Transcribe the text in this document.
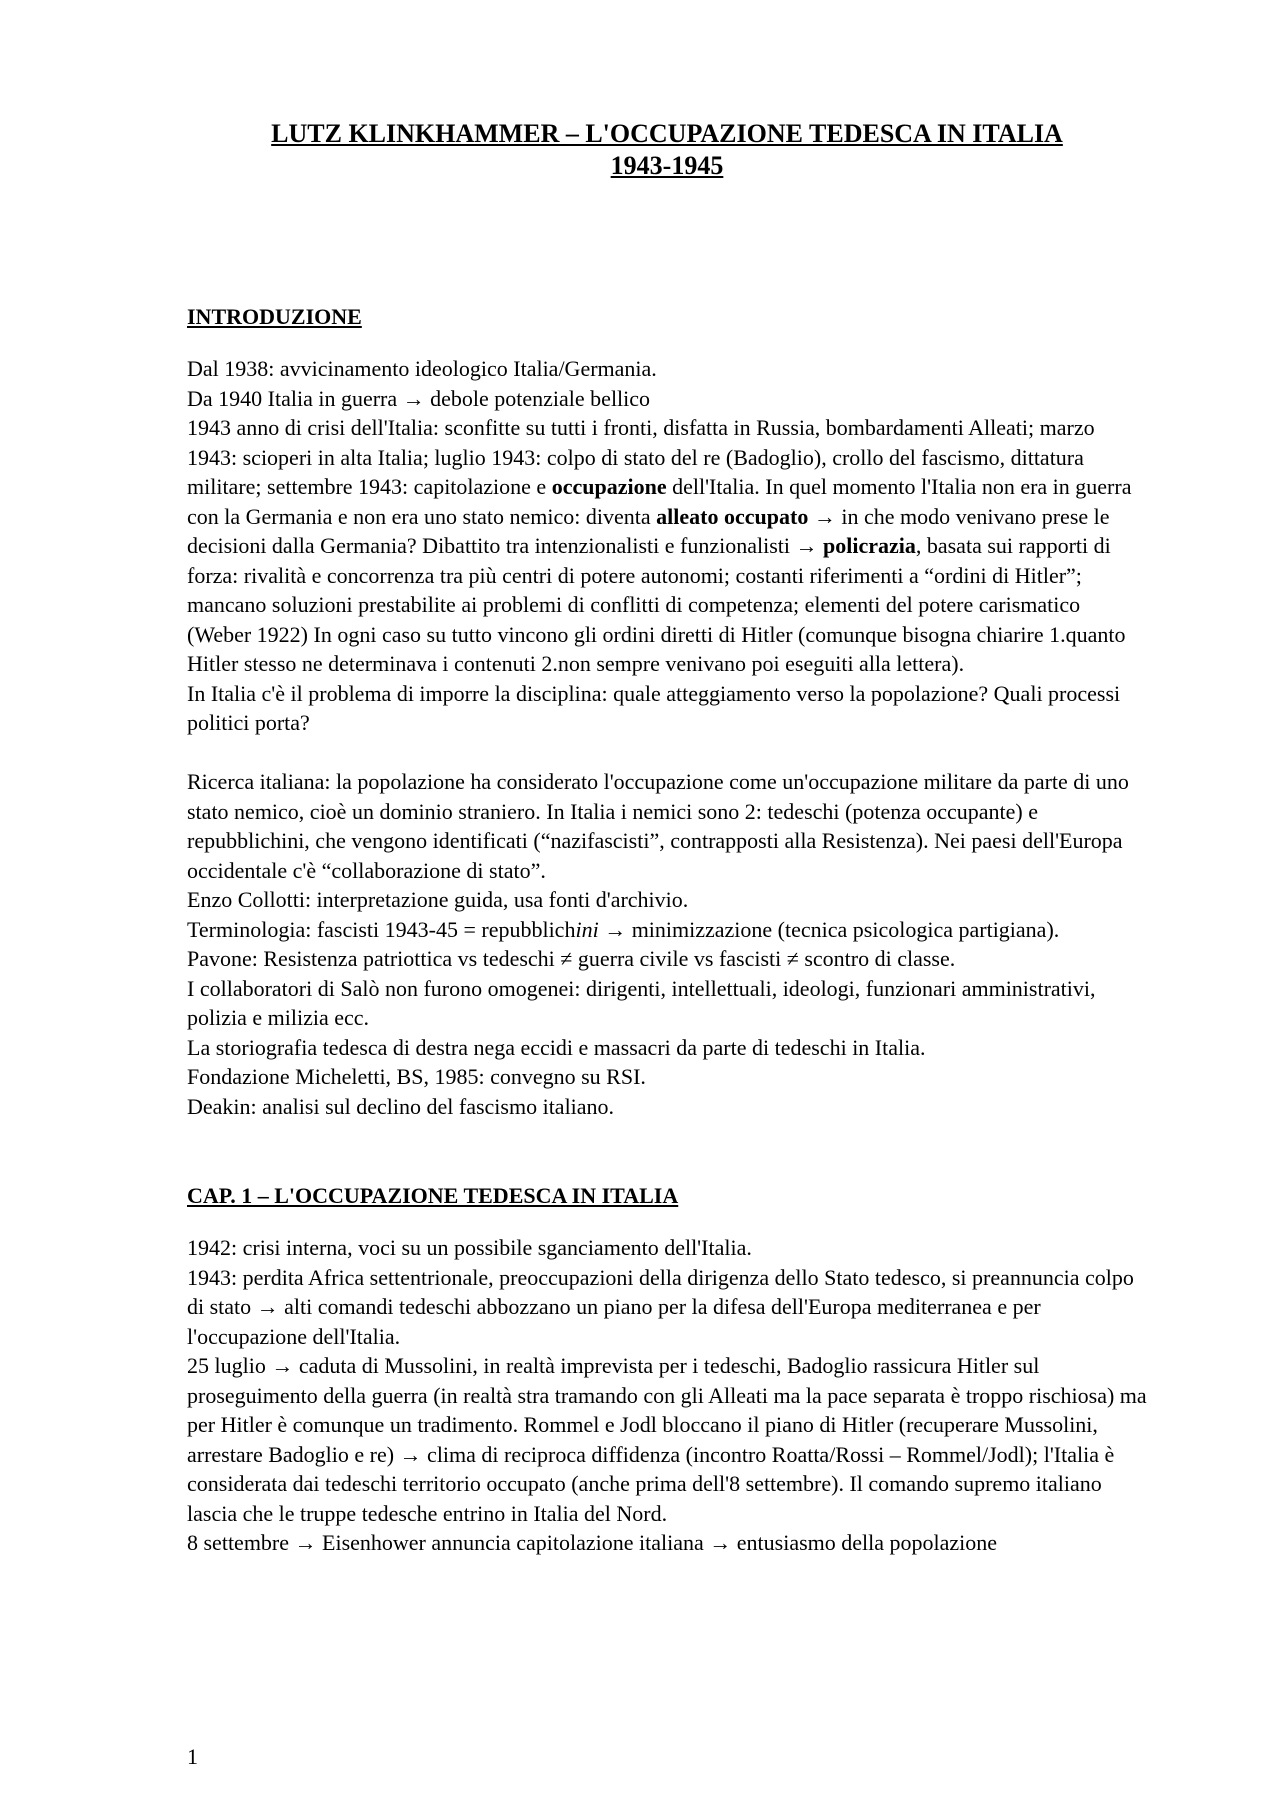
LUTZ KLINKHAMMER – L'OCCUPAZIONE TEDESCA IN ITALIA
1943-1945
INTRODUZIONE

Dal 1938: avvicinamento ideologico Italia/Germania.

Da 1940 Italia in guerra → debole potenziale bellico

1943 anno di crisi dell'Italia: sconfitte su tutti i fronti, disfatta in Russia, bombardamenti Alleati; marzo 1943: scioperi in alta Italia; luglio 1943: colpo di stato del re (Badoglio), crollo del fascismo, dittatura militare; settembre 1943: capitolazione e occupazione dell'Italia. In quel momento l'Italia non era in guerra con la Germania e non era uno stato nemico: diventa alleato occupato → in che modo venivano prese le decisioni dalla Germania? Dibattito tra intenzionalisti e funzionalisti → policrazia, basata sui rapporti di forza: rivalità e concorrenza tra più centri di potere autonomi; costanti riferimenti a “ordini di Hitler”; mancano soluzioni prestabilite ai problemi di conflitti di competenza; elementi del potere carismatico (Weber 1922) In ogni caso su tutto vincono gli ordini diretti di Hitler (comunque bisogna chiarire 1.quanto Hitler stesso ne determinava i contenuti 2.non sempre venivano poi eseguiti alla lettera).

In Italia c'è il problema di imporre la disciplina: quale atteggiamento verso la popolazione? Quali processi politici porta?

Ricerca italiana: la popolazione ha considerato l'occupazione come un'occupazione militare da parte di uno stato nemico, cioè un dominio straniero. In Italia i nemici sono 2: tedeschi (potenza occupante) e repubblichini, che vengono identificati (“nazifascisti”, contrapposti alla Resistenza). Nei paesi dell'Europa occidentale c'è “collaborazione di stato”.

Enzo Collotti: interpretazione guida, usa fonti d'archivio.

Terminologia: fascisti 1943-45 = repubblichini → minimizzazione (tecnica psicologica partigiana).

Pavone: Resistenza patriottica vs tedeschi ≠ guerra civile vs fascisti ≠ scontro di classe.

I collaboratori di Salò non furono omogenei: dirigenti, intellettuali, ideologi, funzionari amministrativi, polizia e milizia ecc.

La storiografia tedesca di destra nega eccidi e massacri da parte di tedeschi in Italia.

Fondazione Micheletti, BS, 1985: convegno su RSI.

Deakin: analisi sul declino del fascismo italiano.

CAP. 1 – L'OCCUPAZIONE TEDESCA IN ITALIA

1942: crisi interna, voci su un possibile sganciamento dell'Italia.

1943: perdita Africa settentrionale, preoccupazioni della dirigenza dello Stato tedesco, si preannuncia colpo di stato → alti comandi tedeschi abbozzano un piano per la difesa dell'Europa mediterranea e per l'occupazione dell'Italia.

25 luglio → caduta di Mussolini, in realtà imprevista per i tedeschi, Badoglio rassicura Hitler sul proseguimento della guerra (in realtà stra tramando con gli Alleati ma la pace separata è troppo rischiosa) ma per Hitler è comunque un tradimento. Rommel e Jodl bloccano il piano di Hitler (recuperare Mussolini, arrestare Badoglio e re) → clima di reciproca diffidenza (incontro Roatta/Rossi – Rommel/Jodl); l'Italia è considerata dai tedeschi territorio occupato (anche prima dell'8 settembre). Il comando supremo italiano lascia che le truppe tedesche entrino in Italia del Nord.

8 settembre → Eisenhower annuncia capitolazione italiana → entusiasmo della popolazione

1
